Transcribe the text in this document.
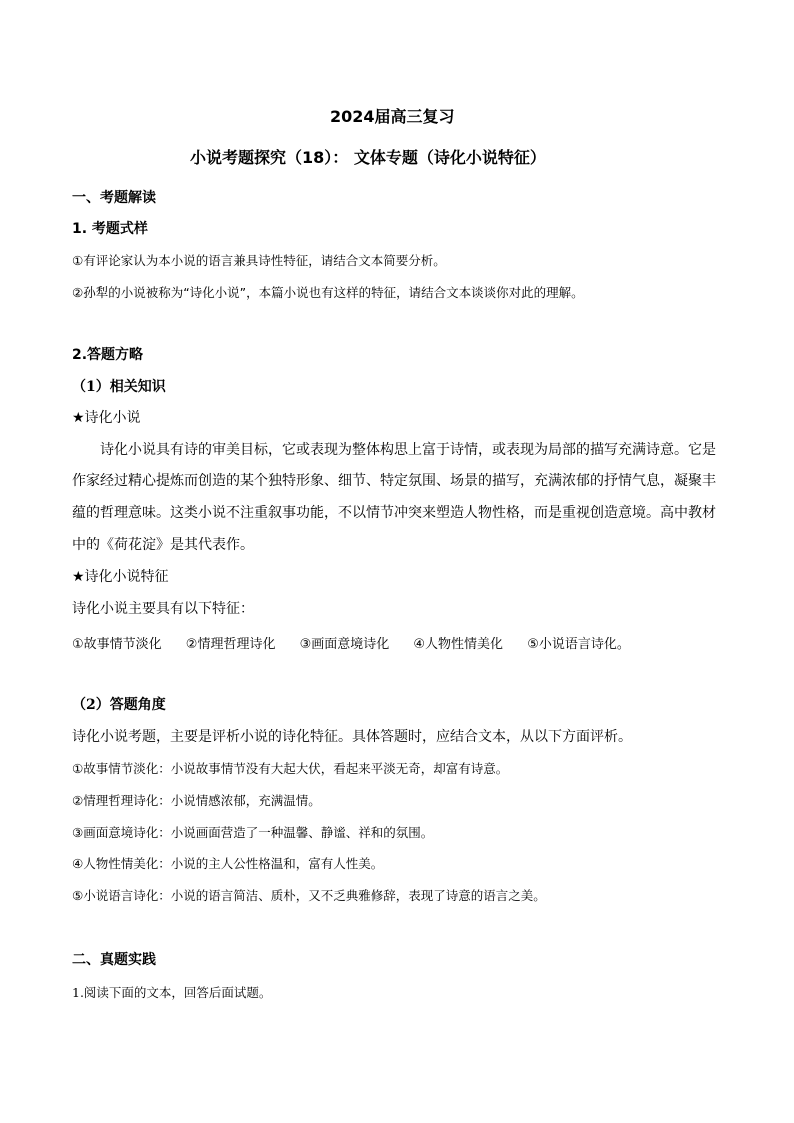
2024届高三复习
小说考题探究（18）： 文体专题（诗化小说特征）
一、考题解读
1. 考题式样
①有评论家认为本小说的语言兼具诗性特征，请结合文本简要分析。
②孙犁的小说被称为“诗化小说”，本篇小说也有这样的特征，请结合文本谈谈你对此的理解。
2.答题方略
（1）相关知识
★诗化小说
诗化小说具有诗的审美目标，它或表现为整体构思上富于诗情，或表现为局部的描写充满诗意。它是
作家经过精心提炼而创造的某个独特形象、细节、特定氛围、场景的描写，充满浓郁的抒情气息，凝聚丰
蕴的哲理意味。这类小说不注重叙事功能，不以情节冲突来塑造人物性格，而是重视创造意境。高中教材
中的《荷花淀》是其代表作。
★诗化小说特征
诗化小说主要具有以下特征：
①故事情节淡化 ②情理哲理诗化 ③画面意境诗化 ④人物性情美化 ⑤小说语言诗化。
（2）答题角度
诗化小说考题，主要是评析小说的诗化特征。具体答题时，应结合文本，从以下方面评析。
①故事情节淡化：小说故事情节没有大起大伏，看起来平淡无奇，却富有诗意。
②情理哲理诗化：小说情感浓郁，充满温情。
③画面意境诗化：小说画面营造了一种温馨、静谧、祥和的氛围。
④人物性情美化：小说的主人公性格温和，富有人性美。
⑤小说语言诗化：小说的语言简洁、质朴，又不乏典雅修辞，表现了诗意的语言之美。
二、真题实践
1.阅读下面的文本，回答后面试题。
